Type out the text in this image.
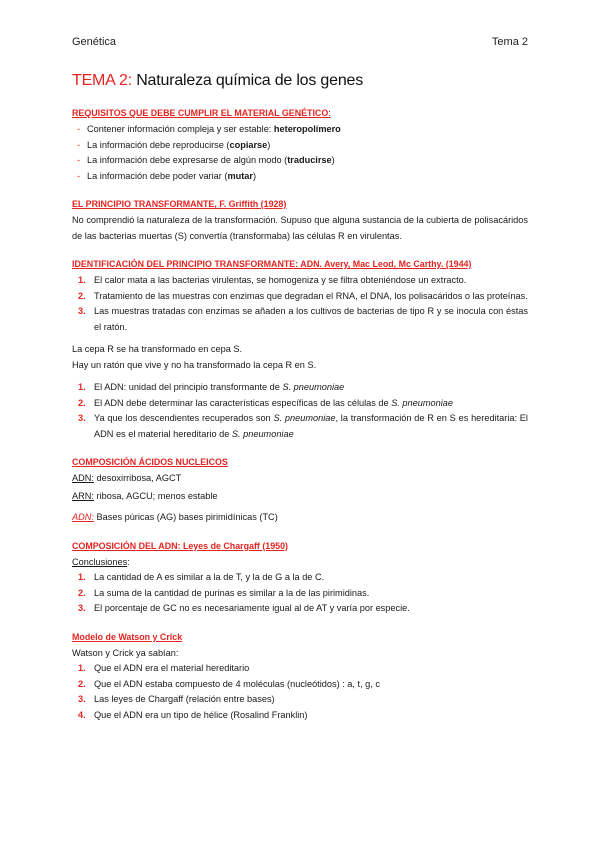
Genética	Tema 2
TEMA 2: Naturaleza química de los genes
REQUISITOS QUE DEBE CUMPLIR EL MATERIAL GENÉTICO:
- Contener información compleja y ser estable: heteropolímero
- La información debe reproducirse (copiarse)
- La información debe expresarse de algún modo (traducirse)
- La información debe poder variar (mutar)
EL PRINCIPIO TRANSFORMANTE, F. Griffith (1928)

No comprendió la naturaleza de la transformación. Supuso que alguna sustancia de la cubierta de polisacáridos de las bacterias muertas (S) convertía (transformaba) las células R en virulentas.

IDENTIFICACIÓN DEL PRINCIPIO TRANSFORMANTE: ADN. Avery, Mac Leod, Mc Carthy. (1944)
1. El calor mata a las bacterias virulentas, se homogeniza y se filtra obteniéndose un extracto.
2. Tratamiento de las muestras con enzimas que degradan el RNA, el DNA, los polisacáridos o las proteínas.
3. Las muestras tratadas con enzimas se añaden a los cultivos de bacterias de tipo R y se inocula con éstas el ratón.

La cepa R se ha transformado en cepa S.

Hay un ratón que vive y no ha transformado la cepa R en S.

1. El ADN: unidad del principio transformante de S. pneumoniae
2. El ADN debe determinar las características específicas de las células de S. pneumoniae
3. Ya que los descendientes recuperados son S. pneumoniae, la transformación de R en S es hereditaria: El ADN es el material hereditario de S. pneumoniae
COMPOSICIÓN ÁCIDOS NUCLEICOS

ADN: desoxirribosa, AGCT

ARN: ribosa, AGCU; menos estable

ADN: Bases púricas (AG) bases pirimidínicas (TC)

COMPOSICIÓN DEL ADN: Leyes de Chargaff (1950)

Conclusiones:

1. La cantidad de A es similar a la de T, y la de G a la de C.
2. La suma de la cantidad de purinas es similar a la de las pirimidinas.
3. El porcentaje de GC no es necesariamente igual al de AT y varía por especie.
Modelo de Watson y Crick

Watson y Crick ya sabían:

1. Que el ADN era el material hereditario
2. Que el ADN estaba compuesto de 4 moléculas (nucleótidos) : a, t, g, c
3. Las leyes de Chargaff (relación entre bases)
4. Que el ADN era un tipo de hélice (Rosalind Franklin)
